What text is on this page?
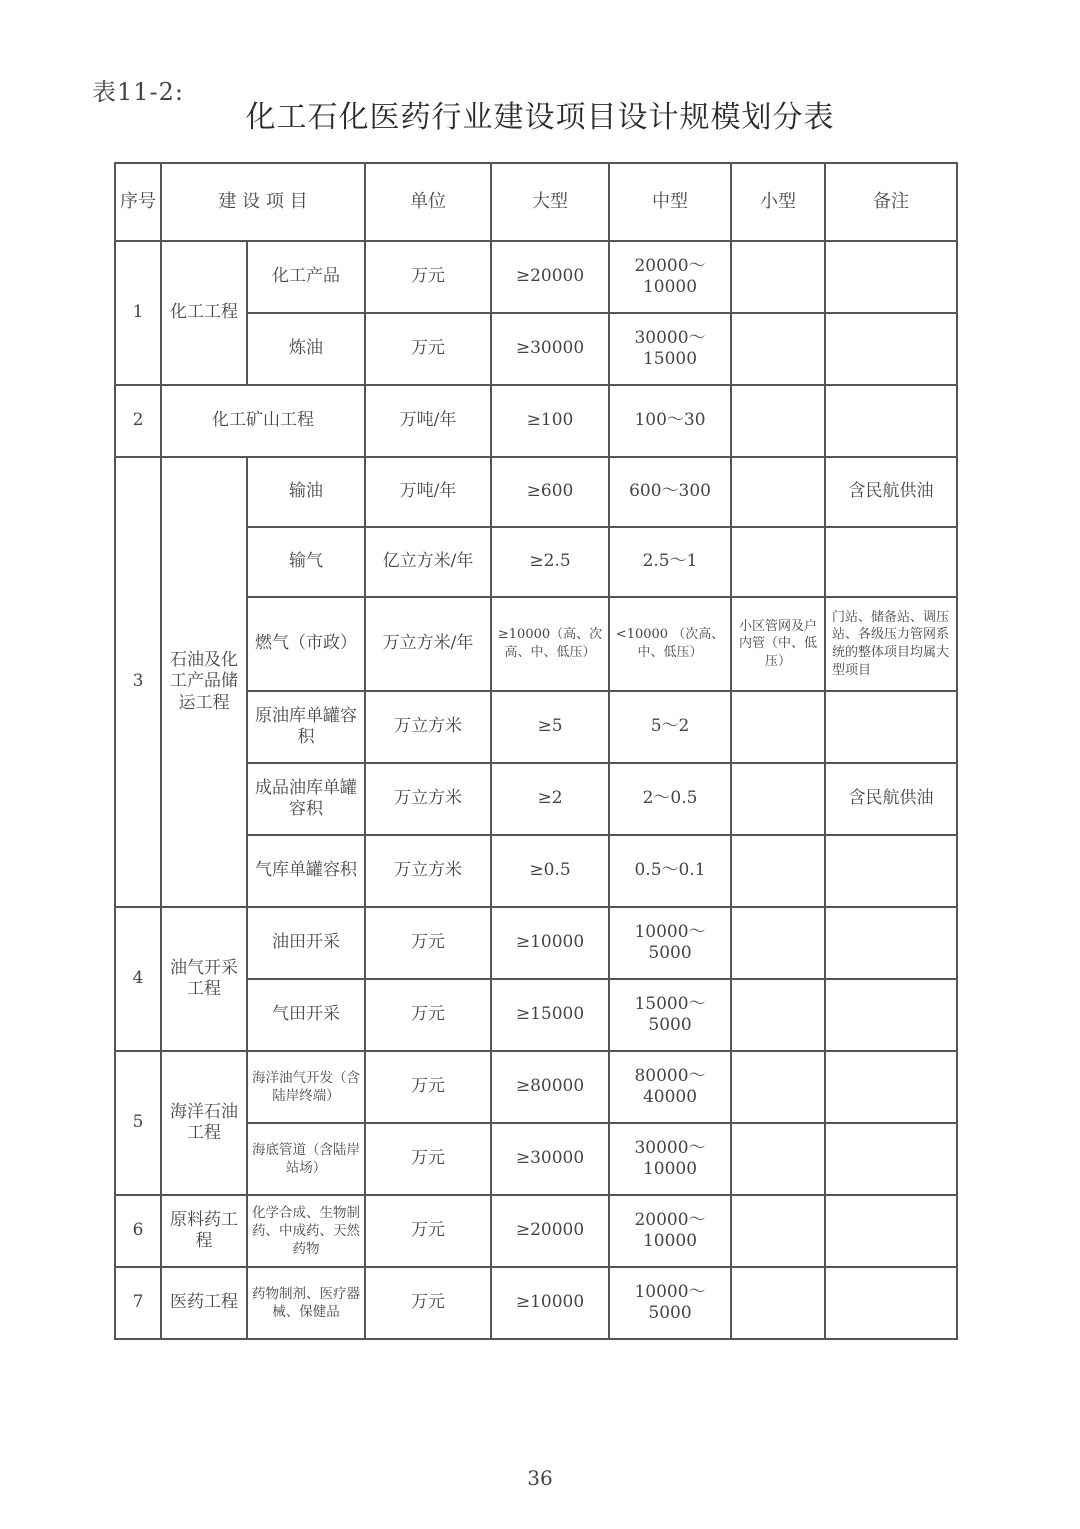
表11-2:
化工石化医药行业建设项目设计规模划分表
序号	建 设 项 目		单位	大型	中型	小型	备注
1	化工工程	化工产品	万元	≥20000	20000～10000		
		炼油	万元	≥30000	30000～15000		
2	化工矿山工程		万吨/年	≥100	100～30		
3	石油及化工产品储运工程	输油	万吨/年	≥600	600～300		含民航供油
		输气	亿立方米/年	≥2.5	2.5～1		
		燃气（市政）	万立方米/年	≥10000（高、次高、中、低压）	<10000 （次高、中、低压）	小区管网及户内管（中、低压）	门站、储备站、调压站、各级压力管网系统的整体项目均属大型项目
		原油库单罐容积	万立方米	≥5	5～2		
		成品油库单罐容积	万立方米	≥2	2～0.5		含民航供油
		气库单罐容积	万立方米	≥0.5	0.5～0.1		
4	油气开采工程	油田开采	万元	≥10000	10000～5000		
		气田开采	万元	≥15000	15000～5000		
5	海洋石油工程	海洋油气开发（含陆岸终端）	万元	≥80000	80000～40000		
		海底管道（含陆岸站场）	万元	≥30000	30000～10000		
6	原料药工程	化学合成、生物制药、中成药、天然药物	万元	≥20000	20000～10000		
7	医药工程	药物制剂、医疗器械、保健品	万元	≥10000	10000～5000		
36
